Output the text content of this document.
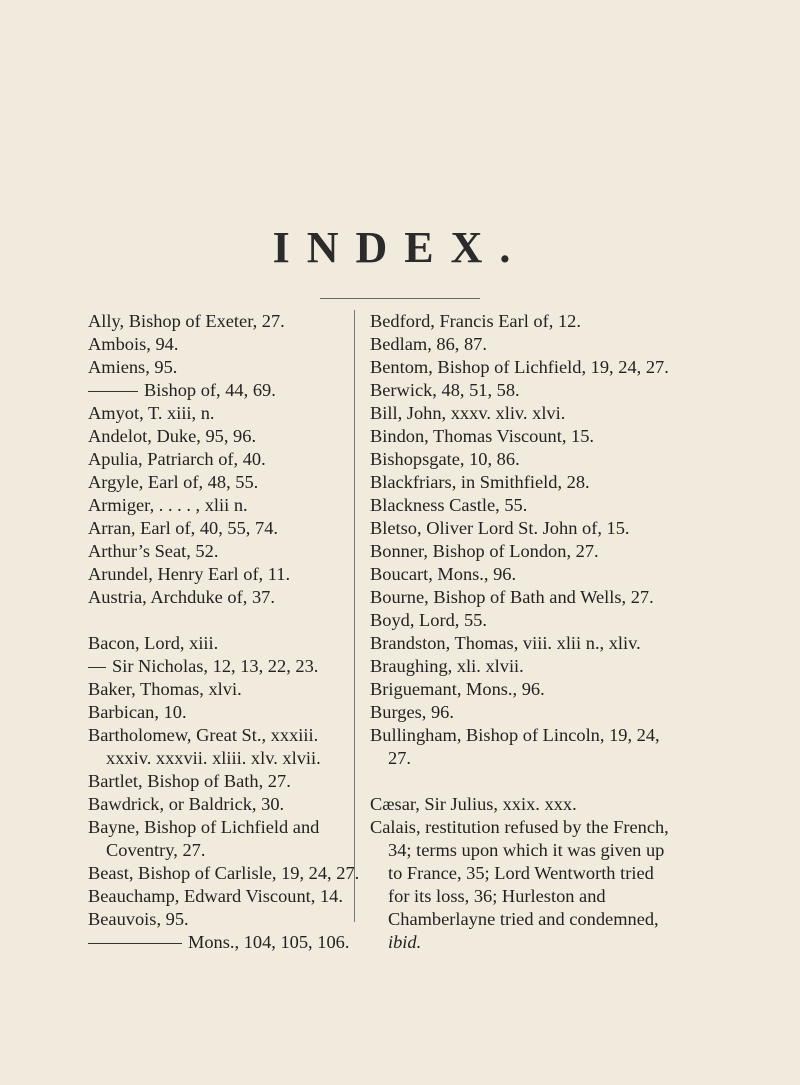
INDEX.

Ally, Bishop of Exeter, 27.

Ambois, 94.

Amiens, 95.

Bishop of, 44, 69.

Amyot, T. xiii, n.

Andelot, Duke, 95, 96.

Apulia, Patriarch of, 40.

Argyle, Earl of, 48, 55.

Armiger, . . . . , xlii n.

Arran, Earl of, 40, 55, 74.

Arthur’s Seat, 52.

Arundel, Henry Earl of, 11.

Austria, Archduke of, 37.

Bacon, Lord, xiii.

Sir Nicholas, 12, 13, 22, 23.

Baker, Thomas, xlvi.

Barbican, 10.

Bartholomew, Great St., xxxiii. xxxiv. xxxvii. xliii. xlv. xlvii.

Bartlet, Bishop of Bath, 27.

Bawdrick, or Baldrick, 30.

Bayne, Bishop of Lichfield and Coventry, 27.

Beast, Bishop of Carlisle, 19, 24, 27.

Beauchamp, Edward Viscount, 14.

Beauvois, 95.

Mons., 104, 105, 106.

Bedford, Francis Earl of, 12.

Bedlam, 86, 87.

Bentom, Bishop of Lichfield, 19, 24, 27.

Berwick, 48, 51, 58.

Bill, John, xxxv. xliv. xlvi.

Bindon, Thomas Viscount, 15.

Bishopsgate, 10, 86.

Blackfriars, in Smithfield, 28.

Blackness Castle, 55.

Bletso, Oliver Lord St. John of, 15.

Bonner, Bishop of London, 27.

Boucart, Mons., 96.

Bourne, Bishop of Bath and Wells, 27.

Boyd, Lord, 55.

Brandston, Thomas, viii. xlii n., xliv.

Braughing, xli. xlvii.

Briguemant, Mons., 96.

Burges, 96.

Bullingham, Bishop of Lincoln, 19, 24, 27.

Cæsar, Sir Julius, xxix. xxx.

Calais, restitution refused by the French, 34; terms upon which it was given up to France, 35; Lord Wentworth tried for its loss, 36; Hurleston and Chamberlayne tried and condemned,
ibid.
